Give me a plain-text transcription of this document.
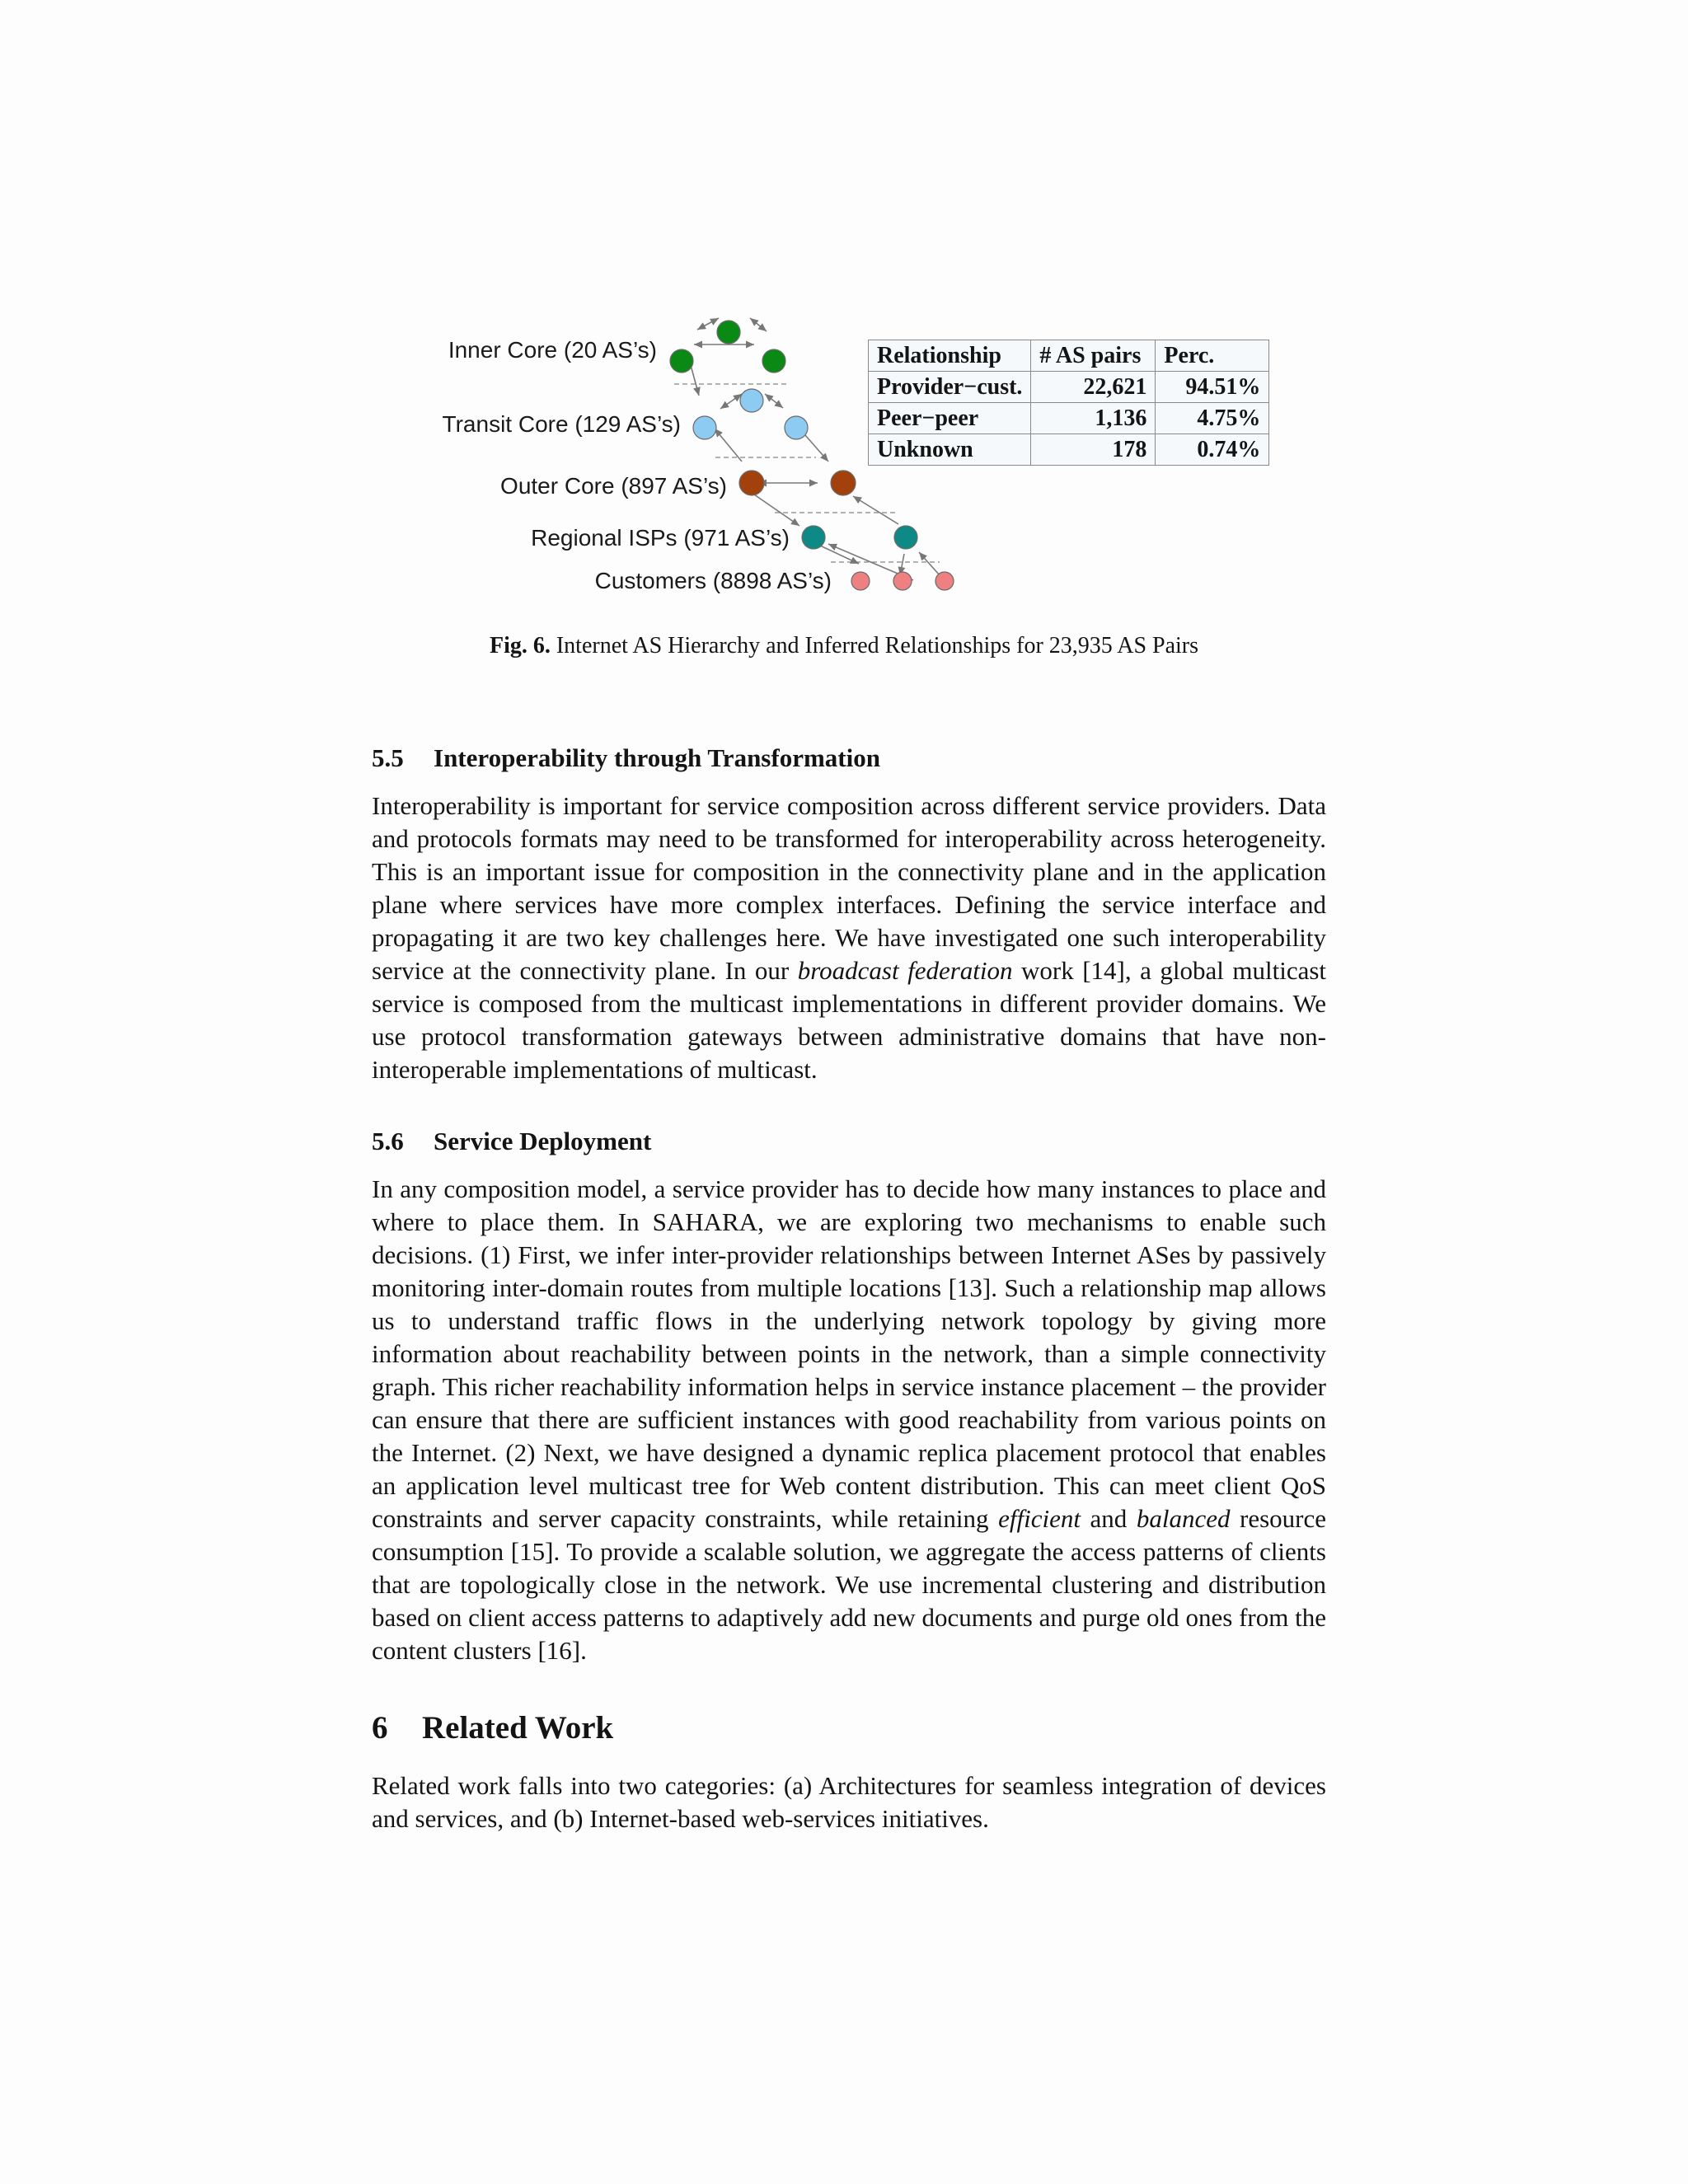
Inner Core (20 AS’s)
Transit Core (129 AS’s)
Outer Core (897 AS’s)
Regional ISPs (971 AS’s)
Customers (8898 AS’s)
Relationship	# AS pairs	Perc.
Provider−cust.	22,621	94.51%
Peer−peer	1,136	4.75%
Unknown	178	0.74%
Fig. 6. Internet AS Hierarchy and Inferred Relationships for 23,935 AS Pairs
5.5 Interoperability through Transformation

Interoperability is important for service composition across different service providers. Data and protocols formats may need to be transformed for interoperability across heterogeneity. This is an important issue for composition in the connectivity plane and in the application plane where services have more complex interfaces. Defining the service interface and propagating it are two key challenges here. We have investigated one such interoperability service at the connectivity plane. In our broadcast federation work [14], a global multicast service is composed from the multicast implementations in different provider domains. We use protocol transformation gateways between administrative domains that have non-interoperable implementations of multicast.

5.6 Service Deployment

In any composition model, a service provider has to decide how many instances to place and where to place them. In SAHARA, we are exploring two mechanisms to enable such decisions. (1) First, we infer inter-provider relationships between Internet ASes by passively monitoring inter-domain routes from multiple locations [13]. Such a relationship map allows us to understand traffic flows in the underlying network topology by giving more information about reachability between points in the network, than a simple connectivity graph. This richer reachability information helps in service instance placement – the provider can ensure that there are sufficient instances with good reachability from various points on the Internet. (2) Next, we have designed a dynamic replica placement protocol that enables an application level multicast tree for Web content distribution. This can meet client QoS constraints and server capacity constraints, while retaining efficient and balanced resource consumption [15]. To provide a scalable solution, we aggregate the access patterns of clients that are topologically close in the network. We use incremental clustering and distribution based on client access patterns to adaptively add new documents and purge old ones from the content clusters [16].

6 Related Work

Related work falls into two categories: (a) Architectures for seamless integration of devices and services, and (b) Internet-based web-services initiatives.
